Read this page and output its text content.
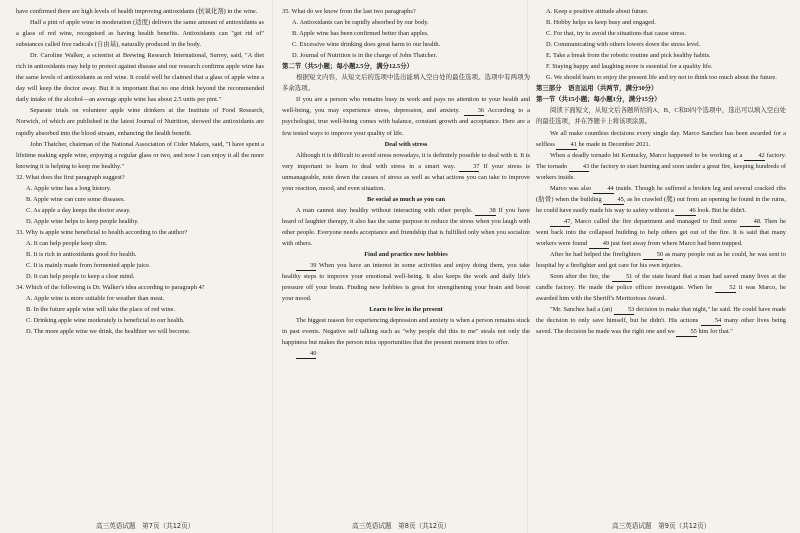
have confirmed there are high levels of health improving antioxidants (抗氧化剂) in the wine.

Half a pint of apple wine in moderation (适度) delivers the same amount of antioxidants as a glass of red wine, recognised as having health benefits. Antioxidants can "get rid of" substances called free radicals (自由基), naturally produced in the body.

Dr. Caroline Walker, a scientist at Brewing Research International, Surrey, said, "A diet rich in antioxidants may help to protect against disease and our research confirms apple wine has the same levels of antioxidants as red wine. It could well be claimed that a glass of apple wine a day will keep the doctor away. But it is important that no one drink beyond the recommended daily intake of the alcohol—an average apple wine has about 2.5 units per pint."

Separate trials on volunteer apple wine drinkers at the Institute of Food Research, Norwich, of which are published in the latest Journal of Nutrition, showed the antioxidants are rapidly absorbed into the blood stream, enhancing the health benefit.

John Thatcher, chairman of the National Association of Cider Makers, said, "I have spent a lifetime making apple wine, enjoying a regular glass or two, and now I can enjoy it all the more knowing it is helping to keep me healthy."

32. What does the first paragraph suggest?

A. Apple wine has a long history.

B. Apple wine can cure some diseases.

C. As apple a day keeps the doctor away.

D. Apple wine helps to keep people healthy.

33. Why is apple wine beneficial to health according to the author?

A. It can help people keep slim.

B. It is rich in antioxidants good for health.

C. It is mainly made from fermented apple juice.

D. It can help people to keep a clear mind.

34. Which of the following is Dr. Walker's idea according to paragraph 4?

A. Apple wine is more suitable for weather than meat.

B. In the future apple wine will take the place of red wine.

C. Drinking apple wine moderately is beneficial to our health.

D. The more apple wine we drink, the healthier we will become.

35. What do we know from the last two paragraphs?

A. Antioxidants can be rapidly absorbed by our body.

B. Apple wine has been confirmed better than apples.

C. Excessive wine drinking does great harm to our health.

D. Journal of Nutrition is in the charge of John Thatcher.

第二节（共5小题；每小题2.5分，满分12.5分）

根据短文内容，从短文后的选项中选出能填入空白处的最佳选项。选项中有两项为多余选项。

If you are a person who remains busy in work and pays no attention to your health and well-being, you may experience stress, depression, and anxiety.	36 According to a psychologist, true well-being comes with balance, constant growth and acceptance. Here are a few tested ways to improve your quality of life.

Deal with stress

Although it is difficult to avoid stress nowadays, it is definitely possible to deal with it. It is very important to learn to deal with stress in a smart way.	37 If your stress is unmanageable, note down the causes of stress as well as what actions you can take to improve your reaction, mood, and even situation.

Be social as much as you can

A man cannot stay healthy without interacting with other people.	38 If you have heard of laughter therapy, it also has the same purpose to reduce the stress when you laugh with other people. Everyone needs acceptance and friendship that is fulfilled only when you socialize with others.

Find and practice new hobbies

39 When you have an interest in some activities and enjoy doing them, you take healthy steps to improve your emotional well-being. It also keeps the work and daily life's pressure off your brain. Finding new hobbies is great for strengthening your brain and boost your mood.

Learn to live in the present

The biggest reason for experiencing depression and anxiety is when a person remains stuck in past events. Negative self talking such as "why people did this to me" steals not only the happiness but makes the person miss opportunities that the present moment tries to offer.

40

A. Keep a positive attitude about future.

B. Hobby helps us keep busy and engaged.

C. For that, try to avoid the situations that cause stress.

D. Communicating with others lowers down the stress level.

E. Take a break from the robotic routine and pick healthy habits.

F. Staying happy and laughing more is essential for a quality life.

G. We should learn to enjoy the present life and try not to think too much about the future.

第三部分　语言运用（共两节，满分30分）

第一节（共15小题；每小题1分，满分15分）

阅读下面短文，从短文后各题所给的A、B、C和D四个选项中，选出可以填入空白处的最佳选项，并在答题卡上将该项涂黑。

We all make countless decisions every single day. Marco Sanchez has been awarded for a selfless 41 he made in December 2021.

When a deadly tornado hit Kentucky, Marco happened to be working at a	42 factory. The tornado 43 the factory to start burning and soon under a great fire, keeping hundreds of workers inside.

Marco was also	44 inside. Though he suffered a broken leg and several cracked ribs (肋骨) when the building 45, as he crawled (爬) out from an opening he found in the ruins, he could have easily made his way to safety without a 46 look. But he didn't.

47, Marco called the fire department and managed to find some	48. Then he went back into the collapsed building to help others get out of the fire. It is said that many workers were found 49 just feet away from where Marco had been trapped.

After he had helped the firefighters 50 as many people out as he could, he was sent to hospital by a firefighter and got care for his own injuries.

Soon after the fire, the	51 of the state heard that a man had saved many lives at the candle factory. He made the police officer investigate. When he	52 it was Marco, he awarded him with the Sheriff's Meritorious Award.

"Mr. Sanchez had a (an) 53 decision to make that night," he said. He could have made the decision to only save himself, but he didn't. His actions	54 many other lives being saved. The decision he made was the right one and we 55 him for that."

高三英语试题　第7页（共12页）	高三英语试题　第8页（共12页）	高三英语试题　第9页（共12页）
